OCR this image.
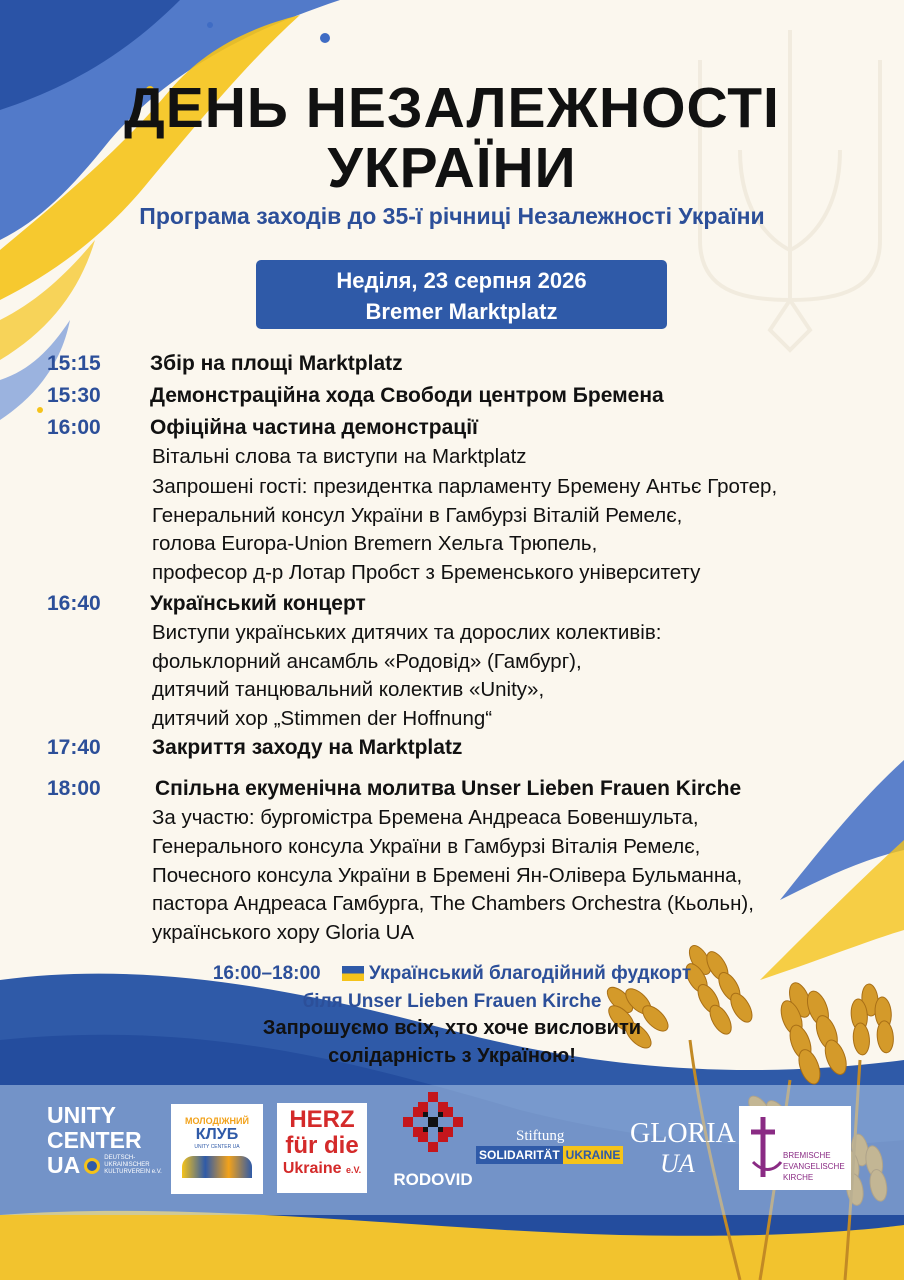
ДЕНЬ НЕЗАЛЕЖНОСТІ
УКРАЇНИ
Програма заходів до 35-ї річниці Незалежності України
Неділя, 23 серпня 2026
Bremer Marktplatz
15:15 Збір на площі Marktplatz
15:30 Демонстраційна хода Свободи центром Бремена
16:00 Офіційна частина демонстрації
Вітальні слова та виступи на Marktplatz
Запрошені гості: президентка парламенту Бремену Антьє Гротер,
Генеральний консул України в Гамбурзі Віталій Ремелє,
голова Europa-Union Bremern Хельга Трюпель,
професор д-р Лотар Пробст з Бременського університету
16:40 Український концерт
Виступи українських дитячих та дорослих колективів:
фольклорний ансамбль «Родовід» (Гамбург),
дитячий танцювальний колектив «Unity»,
дитячий хор „Stimmen der Hoffnung“
17:40 Закриття заходу на Marktplatz
18:00	Спільна екуменічна молитва Unser Lieben Frauen Kirche
За участю: бургомістра Бремена Андреаса Бовеншульта,
Генерального консула України в Гамбурзі Віталія Ремелє,
Почесного консула України в Бремені Ян-Олівера Бульманна,
пастора Андреаса Гамбурга, The Chambers Orchestra (Кьольн),
українського хору Gloria UA
16:00–18:00	Український благодійний фудкорт
біля Unser Lieben Frauen Kirche
Запрошуємо всіх, хто хоче висловити
солідарність з Україною!
UNITY
CENTER
UA	DEUTSCH-
UKRAINISCHER
KULTURVEREIN e.V.
МОЛОДІЖНИЙ
КЛУБ
UNITY CENTER UA
HERZ
für die
Ukraine e.V.	RODOVID
Stiftung
SOLIDARITÄT UKRAINE
GLORIA
UA	BREMISCHE
EVANGELISCHE
KIRCHE
